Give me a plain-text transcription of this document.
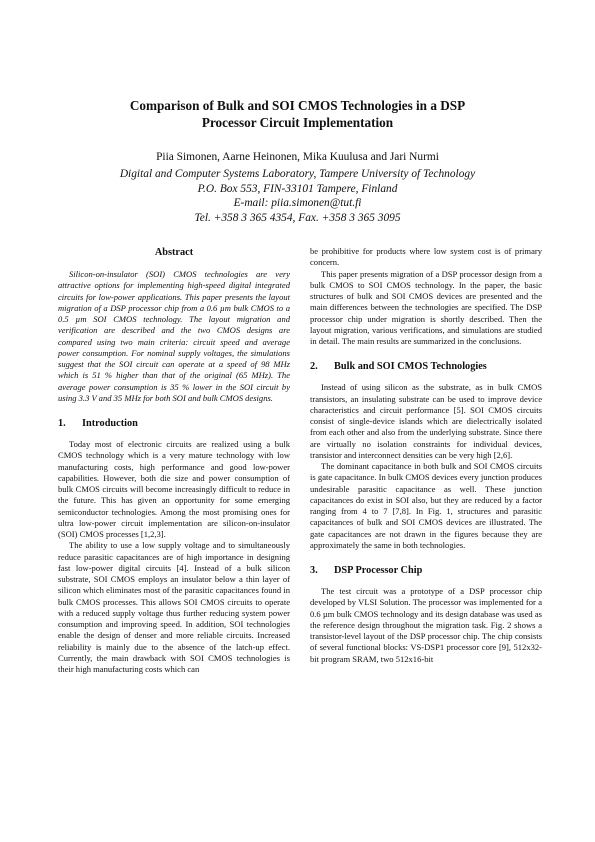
Comparison of Bulk and SOI CMOS Technologies in a DSP
Processor Circuit Implementation
Piia Simonen, Aarne Heinonen, Mika Kuulusa and Jari Nurmi
Digital and Computer Systems Laboratory, Tampere University of Technology
P.O. Box 553, FIN-33101 Tampere, Finland
E-mail: piia.simonen@tut.fi
Tel. +358 3 365 4354, Fax. +358 3 365 3095
Abstract

Silicon-on-insulator (SOI) CMOS technologies are very attractive options for implementing high-speed digital integrated circuits for low-power applications. This paper presents the layout migration of a DSP processor chip from a 0.6 µm bulk CMOS to a 0.5 µm SOI CMOS technology. The layout migration and verification are described and the two CMOS designs are compared using two main criteria: circuit speed and average power consumption. For nominal supply voltages, the simulations suggest that the SOI circuit can operate at a speed of 98 MHz which is 51 % higher than that of the original (65 MHz). The average power consumption is 35 % lower in the SOI circuit by using 3.3 V and 35 MHz for both SOI and bulk CMOS designs.

1.	Introduction

Today most of electronic circuits are realized using a bulk CMOS technology which is a very mature technology with low manufacturing costs, high performance and good low-power capabilities. However, both die size and power consumption of bulk CMOS circuits will become increasingly difficult to reduce in the future. This has given an opportunity for some emerging semiconductor technologies. Among the most promising ones for ultra low-power circuit implementation are silicon-on-insulator (SOI) CMOS processes [1,2,3].

The ability to use a low supply voltage and to simultaneously reduce parasitic capacitances are of high importance in designing fast low-power digital circuits [4]. Instead of a bulk silicon substrate, SOI CMOS employs an insulator below a thin layer of silicon which eliminates most of the parasitic capacitances found in bulk CMOS processes. This allows SOI CMOS circuits to operate with a reduced supply voltage thus further reducing system power consumption and improving speed. In addition, SOI technologies enable the design of denser and more reliable circuits. Increased reliability is mainly due to the absence of the latch-up effect. Currently, the main drawback with SOI CMOS technologies is their high manufacturing costs which can

be prohibitive for products where low system cost is of primary concern.

This paper presents migration of a DSP processor design from a bulk CMOS to SOI CMOS technology. In the paper, the basic structures of bulk and SOI CMOS devices are presented and the main differences between the technologies are specified. The DSP processor chip under migration is shortly described. Then the layout migration, various verifications, and simulations are studied in detail. The main results are summarized in the conclusions.

2.	Bulk and SOI CMOS Technologies

Instead of using silicon as the substrate, as in bulk CMOS transistors, an insulating substrate can be used to improve device characteristics and circuit performance [5]. SOI CMOS circuits consist of single-device islands which are dielectrically isolated from each other and also from the underlying substrate. Since there are virtually no isolation constraints for individual devices, transistor and interconnect densities can be very high [2,6].

The dominant capacitance in both bulk and SOI CMOS circuits is gate capacitance. In bulk CMOS devices every junction produces undesirable parasitic capacitance as well. These junction capacitances do exist in SOI also, but they are reduced by a factor ranging from 4 to 7 [7,8]. In Fig. 1, structures and parasitic capacitances of bulk and SOI CMOS devices are illustrated. The gate capacitances are not drawn in the figures because they are approximately the same in both technologies.

3.	DSP Processor Chip

The test circuit was a prototype of a DSP processor chip developed by VLSI Solution. The processor was implemented for a 0.6 µm bulk CMOS technology and its design database was used as the reference design throughout the migration task. Fig. 2 shows a transistor-level layout of the DSP processor chip. The chip consists of several functional blocks: VS-DSP1 processor core [9], 512x32-bit program SRAM, two 512x16-bit
